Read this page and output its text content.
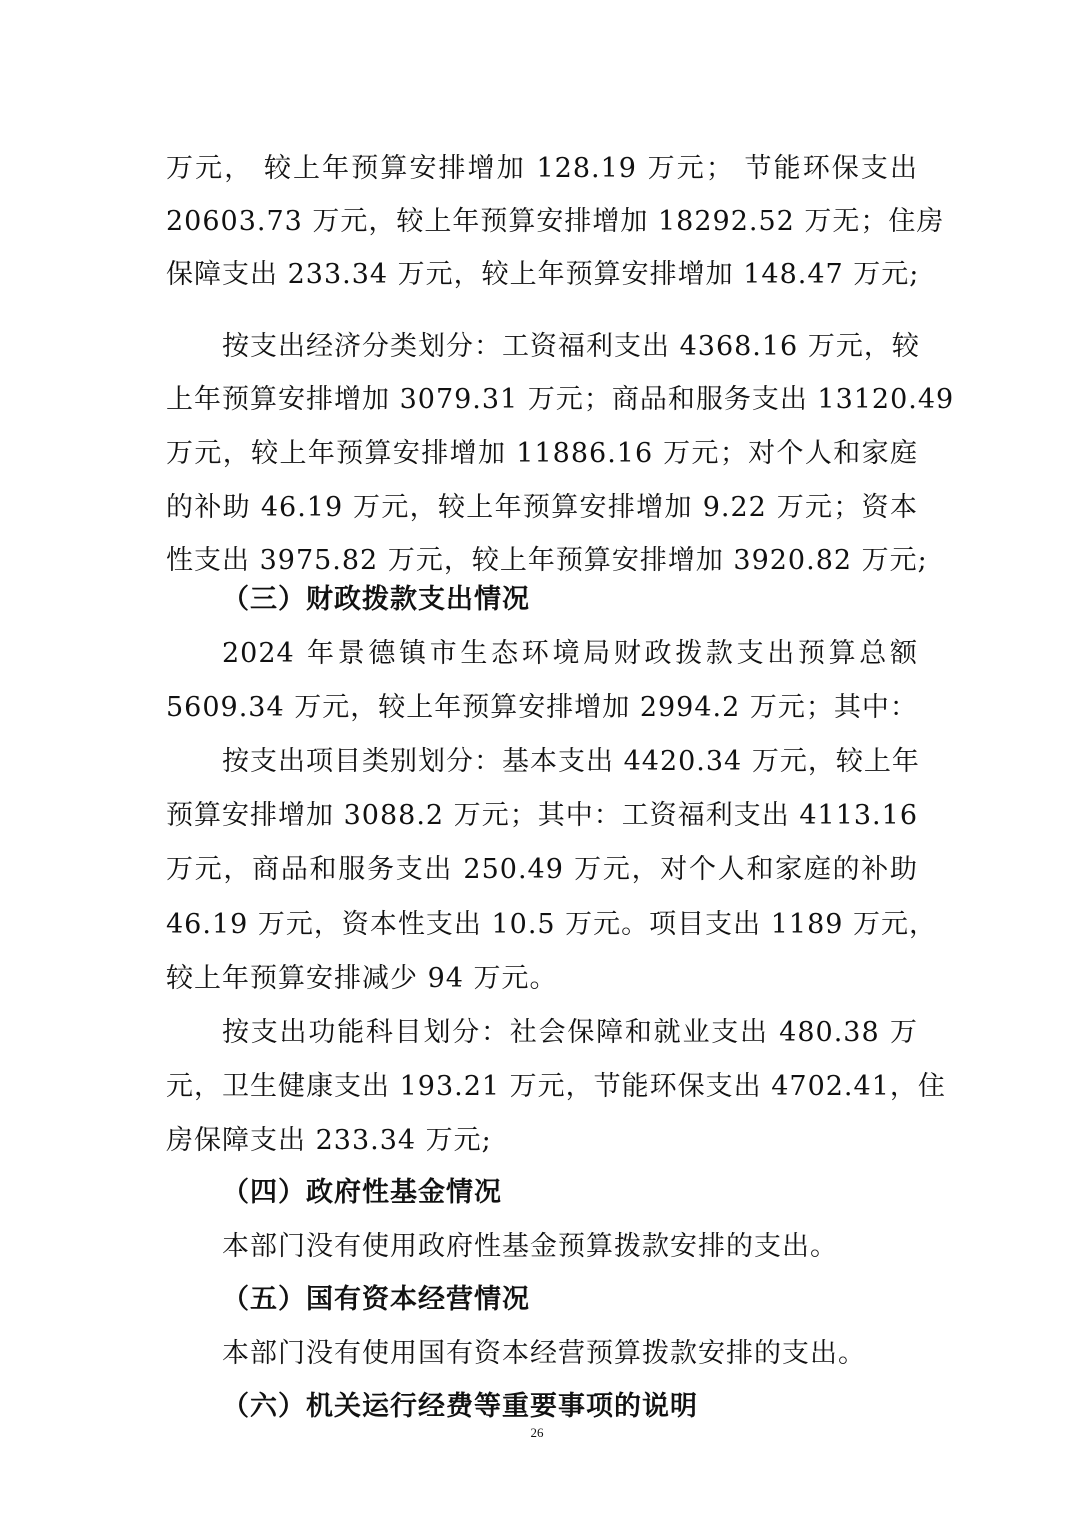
万元， 较上年预算安排增加 128.19 万元； 节能环保支出
20603.73 万元，较上年预算安排增加 18292.52 万无；住房
保障支出 233.34 万元，较上年预算安排增加 148.47 万元;
按支出经济分类划分：工资福利支出 4368.16 万元，较
上年预算安排增加 3079.31 万元；商品和服务支出 13120.49
万元，较上年预算安排增加 11886.16 万元；对个人和家庭
的补助 46.19 万元，较上年预算安排增加 9.22 万元；资本
性支出 3975.82 万元，较上年预算安排增加 3920.82 万元;
（三）财政拨款支出情况
2024 年景德镇市生态环境局财政拨款支出预算总额
5609.34 万元，较上年预算安排增加 2994.2 万元；其中：
按支出项目类别划分：基本支出 4420.34 万元，较上年
预算安排增加 3088.2 万元；其中：工资福利支出 4113.16
万元，商品和服务支出 250.49 万元，对个人和家庭的补助
46.19 万元，资本性支出 10.5 万元。项目支出 1189 万元，
较上年预算安排减少 94 万元。
按支出功能科目划分：社会保障和就业支出 480.38 万
元，卫生健康支出 193.21 万元，节能环保支出 4702.41，住
房保障支出 233.34 万元;
（四）政府性基金情况
本部门没有使用政府性基金预算拨款安排的支出。
（五）国有资本经营情况
本部门没有使用国有资本经营预算拨款安排的支出。
（六）机关运行经费等重要事项的说明
26
